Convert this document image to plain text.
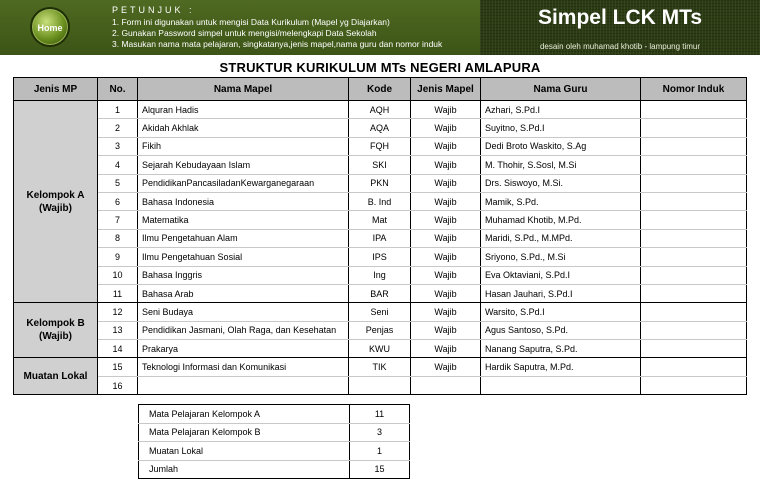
Home
PETUNJUK :
1. Form ini digunakan untuk mengisi Data Kurikulum (Mapel yg Diajarkan)
2. Gunakan Password simpel untuk mengisi/melengkapi Data Sekolah
3. Masukan nama mata pelajaran, singkatanya,jenis mapel,nama guru dan nomor induk
Simpel LCK MTs
desain oleh muhamad khotib - lampung timur
STRUKTUR KURIKULUM MTs NEGERI AMLAPURA
Jenis MP	No.	Nama Mapel	Kode	Jenis Mapel	Nama Guru	Nomor Induk
Kelompok A (Wajib)	1	Alquran Hadis	AQH	Wajib	Azhari, S.Pd.I	
	2	Akidah Akhlak	AQA	Wajib	Suyitno, S.Pd.I	
	3	Fikih	FQH	Wajib	Dedi Broto Waskito, S.Ag	
	4	Sejarah Kebudayaan Islam	SKI	Wajib	M. Thohir, S.Sosl, M.Si	
	5	PendidikanPancasiladanKewarganegaraan	PKN	Wajib	Drs. Siswoyo, M.Si.	
	6	Bahasa Indonesia	B. Ind	Wajib	Mamik, S.Pd.	
	7	Matematika	Mat	Wajib	Muhamad Khotib, M.Pd.	
	8	Ilmu Pengetahuan Alam	IPA	Wajib	Maridi, S.Pd., M.MPd.	
	9	Ilmu Pengetahuan Sosial	IPS	Wajib	Sriyono, S.Pd., M.Si	
	10	Bahasa Inggris	Ing	Wajib	Eva Oktaviani, S.Pd.I	
	11	Bahasa Arab	BAR	Wajib	Hasan Jauhari, S.Pd.I	
Kelompok B (Wajib)	12	Seni Budaya	Seni	Wajib	Warsito, S.Pd.I	
	13	Pendidikan Jasmani, Olah Raga, dan Kesehatan	Penjas	Wajib	Agus Santoso, S.Pd.	
	14	Prakarya	KWU	Wajib	Nanang Saputra, S.Pd.	
Muatan Lokal	15	Teknologi Informasi dan Komunikasi	TIK	Wajib	Hardik Saputra, M.Pd.	
	16					
Mata Pelajaran Kelompok A	11
Mata Pelajaran Kelompok B	3
Muatan Lokal	1
Jumlah	15
